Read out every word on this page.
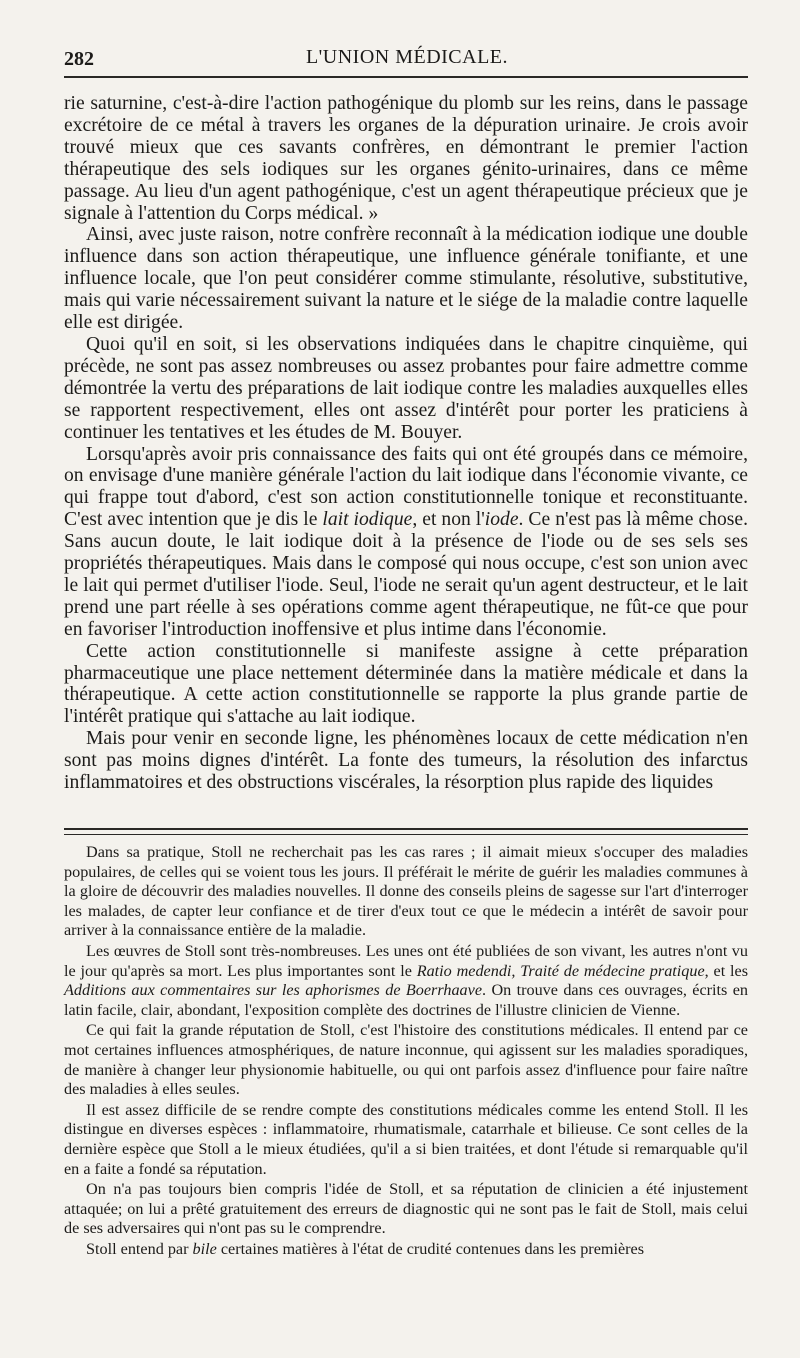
282	L'UNION MÉDICALE.

rie saturnine, c'est-à-dire l'action pathogénique du plomb sur les reins, dans le passage excrétoire de ce métal à travers les organes de la dépuration urinaire. Je crois avoir trouvé mieux que ces savants confrères, en démontrant le premier l'action thérapeutique des sels iodiques sur les organes génito-urinaires, dans ce même passage. Au lieu d'un agent pathogénique, c'est un agent thérapeutique précieux que je signale à l'attention du Corps médical. »

Ainsi, avec juste raison, notre confrère reconnaît à la médication iodique une double influence dans son action thérapeutique, une influence générale tonifiante, et une influence locale, que l'on peut considérer comme stimulante, résolutive, substitutive, mais qui varie nécessairement suivant la nature et le siége de la maladie contre laquelle elle est dirigée.

Quoi qu'il en soit, si les observations indiquées dans le chapitre cinquième, qui précède, ne sont pas assez nombreuses ou assez probantes pour faire admettre comme démontrée la vertu des préparations de lait iodique contre les maladies auxquelles elles se rapportent respectivement, elles ont assez d'intérêt pour porter les praticiens à continuer les tentatives et les études de M. Bouyer.

Lorsqu'après avoir pris connaissance des faits qui ont été groupés dans ce mémoire, on envisage d'une manière générale l'action du lait iodique dans l'économie vivante, ce qui frappe tout d'abord, c'est son action constitutionnelle tonique et reconstituante. C'est avec intention que je dis le lait iodique, et non l'iode. Ce n'est pas là même chose. Sans aucun doute, le lait iodique doit à la présence de l'iode ou de ses sels ses propriétés thérapeutiques. Mais dans le composé qui nous occupe, c'est son union avec le lait qui permet d'utiliser l'iode. Seul, l'iode ne serait qu'un agent destructeur, et le lait prend une part réelle à ses opérations comme agent thérapeutique, ne fût-ce que pour en favoriser l'introduction inoffensive et plus intime dans l'économie.

Cette action constitutionnelle si manifeste assigne à cette préparation pharmaceutique une place nettement déterminée dans la matière médicale et dans la thérapeutique. A cette action constitutionnelle se rapporte la plus grande partie de l'intérêt pratique qui s'attache au lait iodique.

Mais pour venir en seconde ligne, les phénomènes locaux de cette médication n'en sont pas moins dignes d'intérêt. La fonte des tumeurs, la résolution des infarctus inflammatoires et des obstructions viscérales, la résorption plus rapide des liquides

Dans sa pratique, Stoll ne recherchait pas les cas rares ; il aimait mieux s'occuper des maladies populaires, de celles qui se voient tous les jours. Il préférait le mérite de guérir les maladies communes à la gloire de découvrir des maladies nouvelles. Il donne des conseils pleins de sagesse sur l'art d'interroger les malades, de capter leur confiance et de tirer d'eux tout ce que le médecin a intérêt de savoir pour arriver à la connaissance entière de la maladie.

Les œuvres de Stoll sont très-nombreuses. Les unes ont été publiées de son vivant, les autres n'ont vu le jour qu'après sa mort. Les plus importantes sont le Ratio medendi, Traité de médecine pratique, et les Additions aux commentaires sur les aphorismes de Boerrhaave. On trouve dans ces ouvrages, écrits en latin facile, clair, abondant, l'exposition complète des doctrines de l'illustre clinicien de Vienne.

Ce qui fait la grande réputation de Stoll, c'est l'histoire des constitutions médicales. Il entend par ce mot certaines influences atmosphériques, de nature inconnue, qui agissent sur les maladies sporadiques, de manière à changer leur physionomie habituelle, ou qui ont parfois assez d'influence pour faire naître des maladies à elles seules.

Il est assez difficile de se rendre compte des constitutions médicales comme les entend Stoll. Il les distingue en diverses espèces : inflammatoire, rhumatismale, catarrhale et bilieuse. Ce sont celles de la dernière espèce que Stoll a le mieux étudiées, qu'il a si bien traitées, et dont l'étude si remarquable qu'il en a faite a fondé sa réputation.

On n'a pas toujours bien compris l'idée de Stoll, et sa réputation de clinicien a été injustement attaquée; on lui a prêté gratuitement des erreurs de diagnostic qui ne sont pas le fait de Stoll, mais celui de ses adversaires qui n'ont pas su le comprendre.

Stoll entend par bile certaines matières à l'état de crudité contenues dans les premières
